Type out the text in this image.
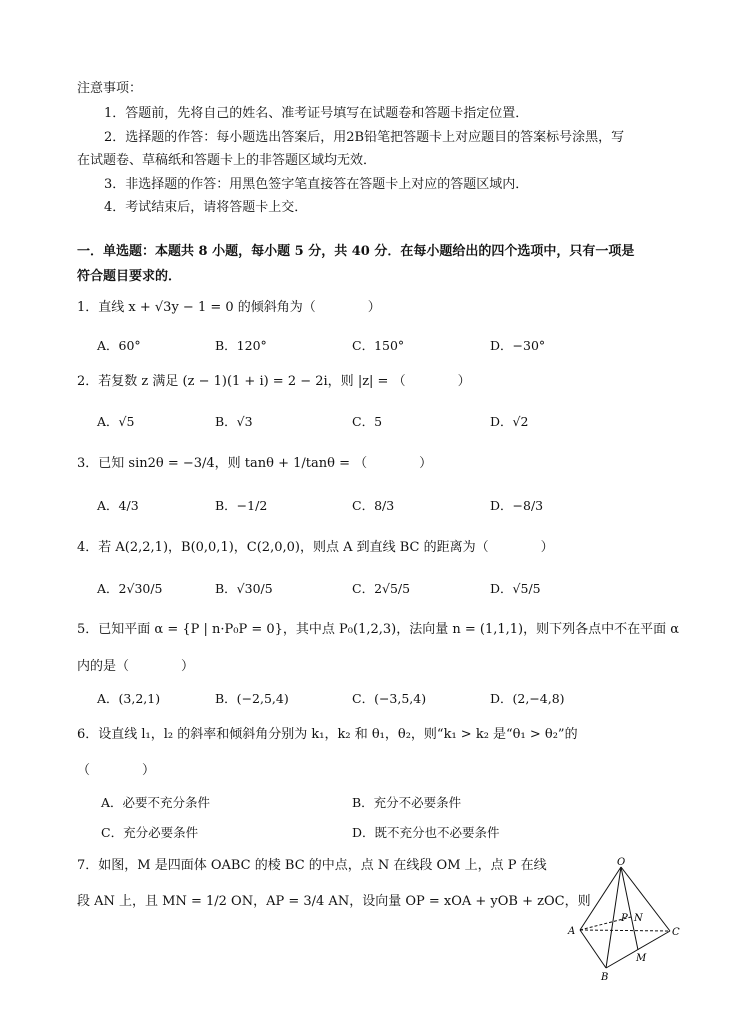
注意事项：
1．答题前，先将自己的姓名、准考证号填写在试题卷和答题卡指定位置．
2．选择题的作答：每小题选出答案后，用2B铅笔把答题卡上对应题目的答案标号涂黑，写
在试题卷、草稿纸和答题卡上的非答题区域均无效．
3．非选择题的作答：用黑色签字笔直接答在答题卡上对应的答题区域内．
4．考试结束后，请将答题卡上交．
一．单选题：本题共 8 小题，每小题 5 分，共 40 分．在每小题给出的四个选项中，只有一项是
符合题目要求的．
1．直线 x + √3y − 1 = 0 的倾斜角为（　　　　）
A．60°	B．120°	C．150°	D．−30°
2．若复数 z 满足 (z − 1)(1 + i) = 2 − 2i，则 |z| = （　　　　）
A．√5	B．√3	C．5	D．√2
3．已知 sin2θ = −3/4，则 tanθ + 1/tanθ = （　　　　）
A．4/3	B．−1/2	C．8/3	D．−8/3
4．若 A(2,2,1)，B(0,0,1)，C(2,0,0)，则点 A 到直线 BC 的距离为（　　　　）
A．2√30/5	B．√30/5	C．2√5/5	D．√5/5
5．已知平面 α = {P | n·P₀P = 0}，其中点 P₀(1,2,3)，法向量 n = (1,1,1)，则下列各点中不在平面 α
内的是（　　　　）
A．(3,2,1)	B．(−2,5,4)	C．(−3,5,4)	D．(2,−4,8)
6．设直线 l₁，l₂ 的斜率和倾斜角分别为 k₁，k₂ 和 θ₁，θ₂，则“k₁ > k₂ 是“θ₁ > θ₂”的
（　　　　）
A．必要不充分条件	B．充分不必要条件
C．充分必要条件	D．既不充分也不必要条件
7．如图，M 是四面体 OABC 的棱 BC 的中点，点 N 在线段 OM 上，点 P 在线
段 AN 上，且 MN = 1/2 ON，AP = 3/4 AN，设向量 OP = xOA + yOB + zOC，则
O
A
B
C
M
N
P
